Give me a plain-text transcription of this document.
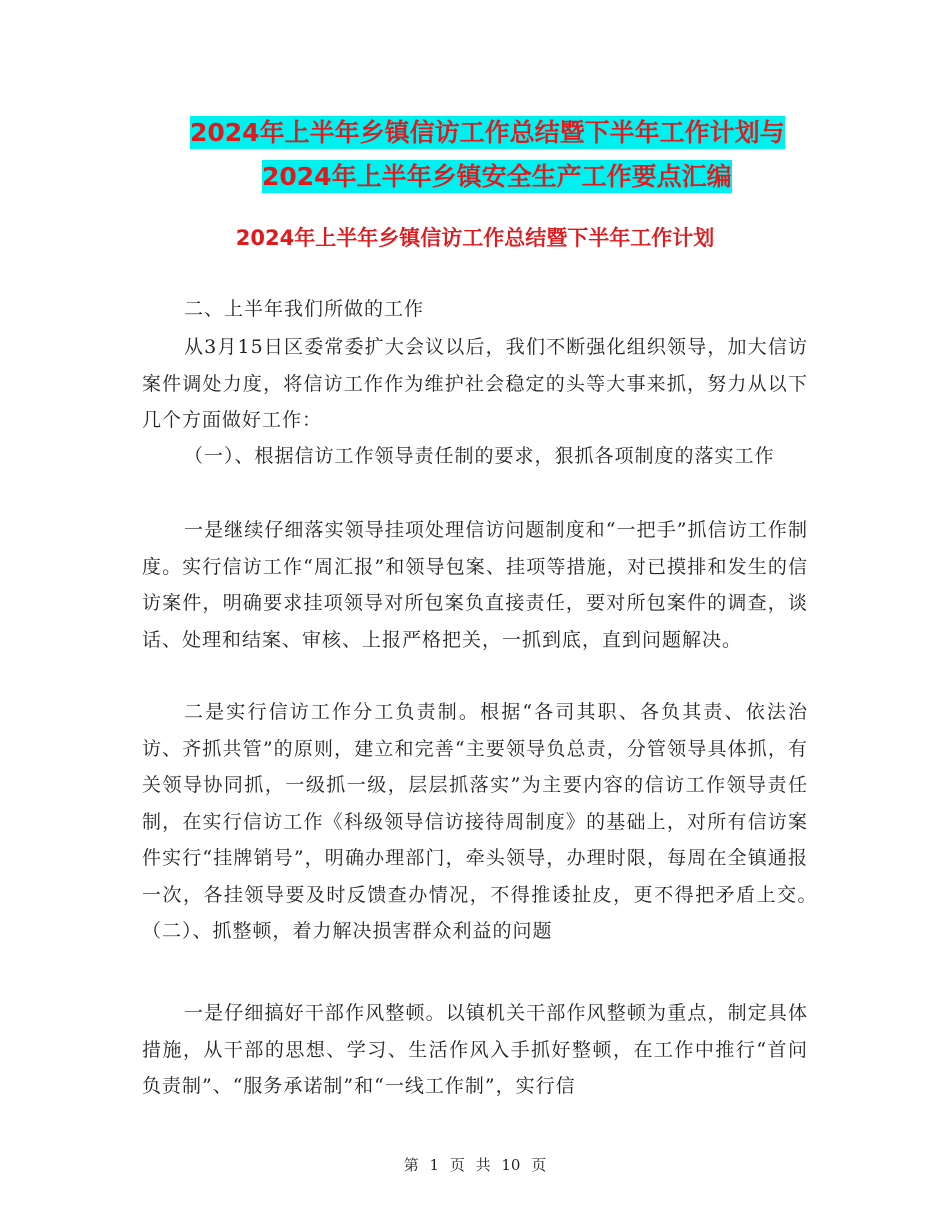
2024年上半年乡镇信访工作总结暨下半年工作计划与
2024年上半年乡镇安全生产工作要点汇编
2024年上半年乡镇信访工作总结暨下半年工作计划
二、上半年我们所做的工作
从3月15日区委常委扩大会议以后，我们不断强化组织领导，加大信访案件调处力度，将信访工作作为维护社会稳定的头等大事来抓，努力从以下几个方面做好工作：
（一）、根据信访工作领导责任制的要求，狠抓各项制度的落实工作
一是继续仔细落实领导挂项处理信访问题制度和“一把手”抓信访工作制度。实行信访工作“周汇报”和领导包案、挂项等措施，对已摸排和发生的信访案件，明确要求挂项领导对所包案负直接责任，要对所包案件的调查，谈话、处理和结案、审核、上报严格把关，一抓到底，直到问题解决。
二是实行信访工作分工负责制。根据“各司其职、各负其责、依法治访、齐抓共管”的原则，建立和完善“主要领导负总责，分管领导具体抓，有关领导协同抓，一级抓一级，层层抓落实”为主要内容的信访工作领导责任制，在实行信访工作《科级领导信访接待周制度》的基础上，对所有信访案件实行“挂牌销号”，明确办理部门，牵头领导，办理时限，每周在全镇通报一次，各挂领导要及时反馈查办情况，不得推诿扯皮，更不得把矛盾上交。　　　　　（二）、抓整顿，着力解决损害群众利益的问题
一是仔细搞好干部作风整顿。以镇机关干部作风整顿为重点，制定具体措施，从干部的思想、学习、生活作风入手抓好整顿，在工作中推行“首问负责制”、“服务承诺制”和“一线工作制”，实行信
第 1 页 共 10 页
